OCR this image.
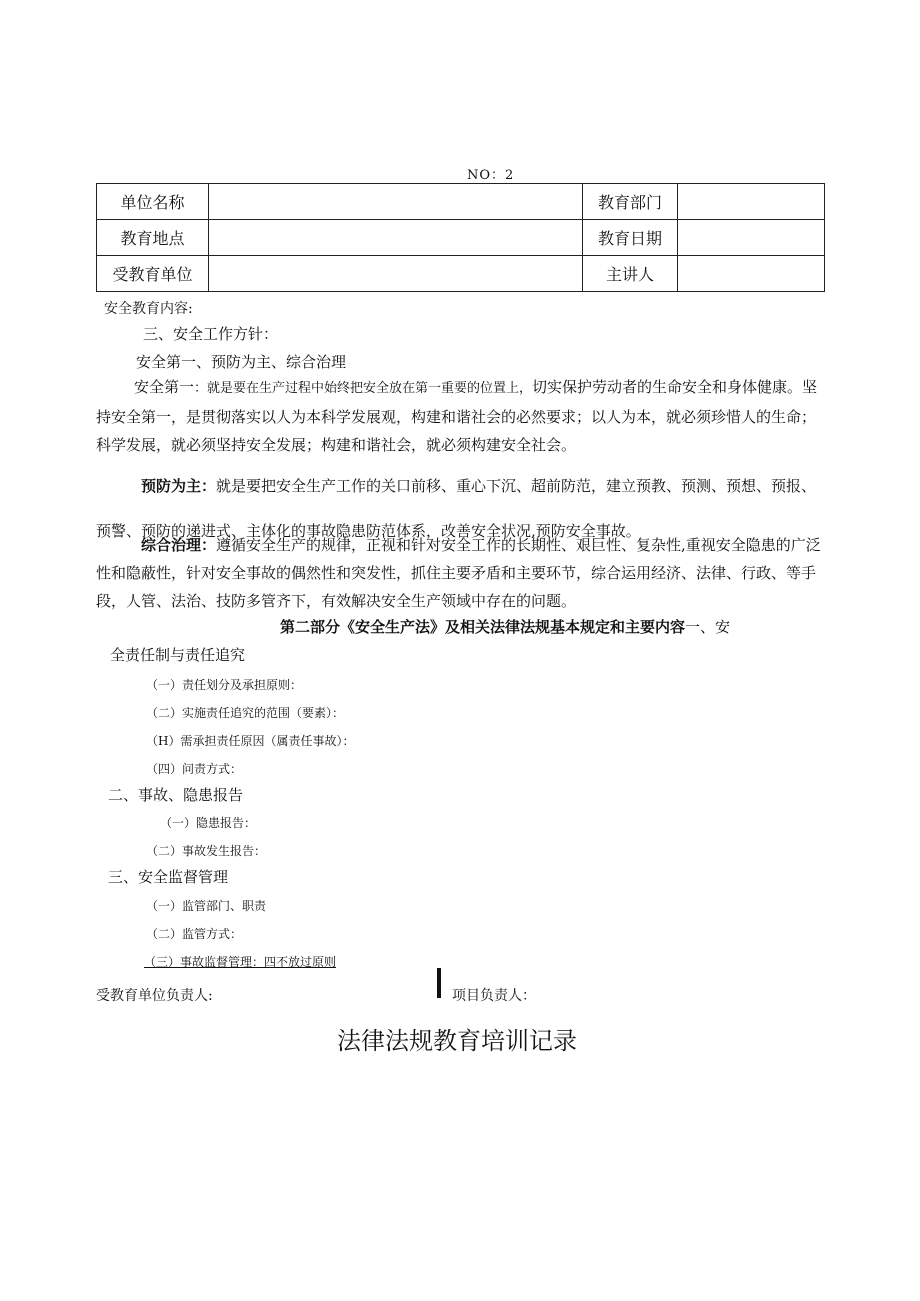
NO：2
单位名称		教育部门	
教育地点		教育日期	
受教育单位		主讲人	
安全教育内容:
三、安全工作方针：
安全第一、预防为主、综合治理
安全第一：就是要在生产过程中始终把安全放在第一重要的位置上，切实保护劳动者的生命安全和身体健康。坚持安全第一，是贯彻落实以人为本科学发展观，构建和谐社会的必然要求；以人为本，就必须珍惜人的生命；科学发展，就必须坚持安全发展；构建和谐社会，就必须构建安全社会。
预防为主：就是要把安全生产工作的关口前移、重心下沉、超前防范，建立预教、预测、预想、预报、预警、预防的递进式、主体化的事故隐患防范体系，改善安全状况,预防安全事故。
综合治理：遵循安全生产的规律，正视和针对安全工作的长期性、艰巨性、复杂性,重视安全隐患的广泛性和隐蔽性，针对安全事故的偶然性和突发性，抓住主要矛盾和主要环节，综合运用经济、法律、行政、等手段，人管、法治、技防多管齐下，有效解决安全生产领域中存在的问题。
第二部分《安全生产法》及相关法律法规基本规定和主要内容一、安
全责任制与责任追究
（一）责任划分及承担原则：
（二）实施责任追究的范围（要素）：
（H）需承担责任原因（属责任事故）：
（四）问责方式：
二、事故、隐患报告
（一）隐患报告：
（二）事故发生报告：
三、安全监督管理
（一）监管部门、职责
（二）监管方式：
（三）事故监督管理：四不放过原则
受教育单位负责人:	项目负责人：
法律法规教育培训记录
